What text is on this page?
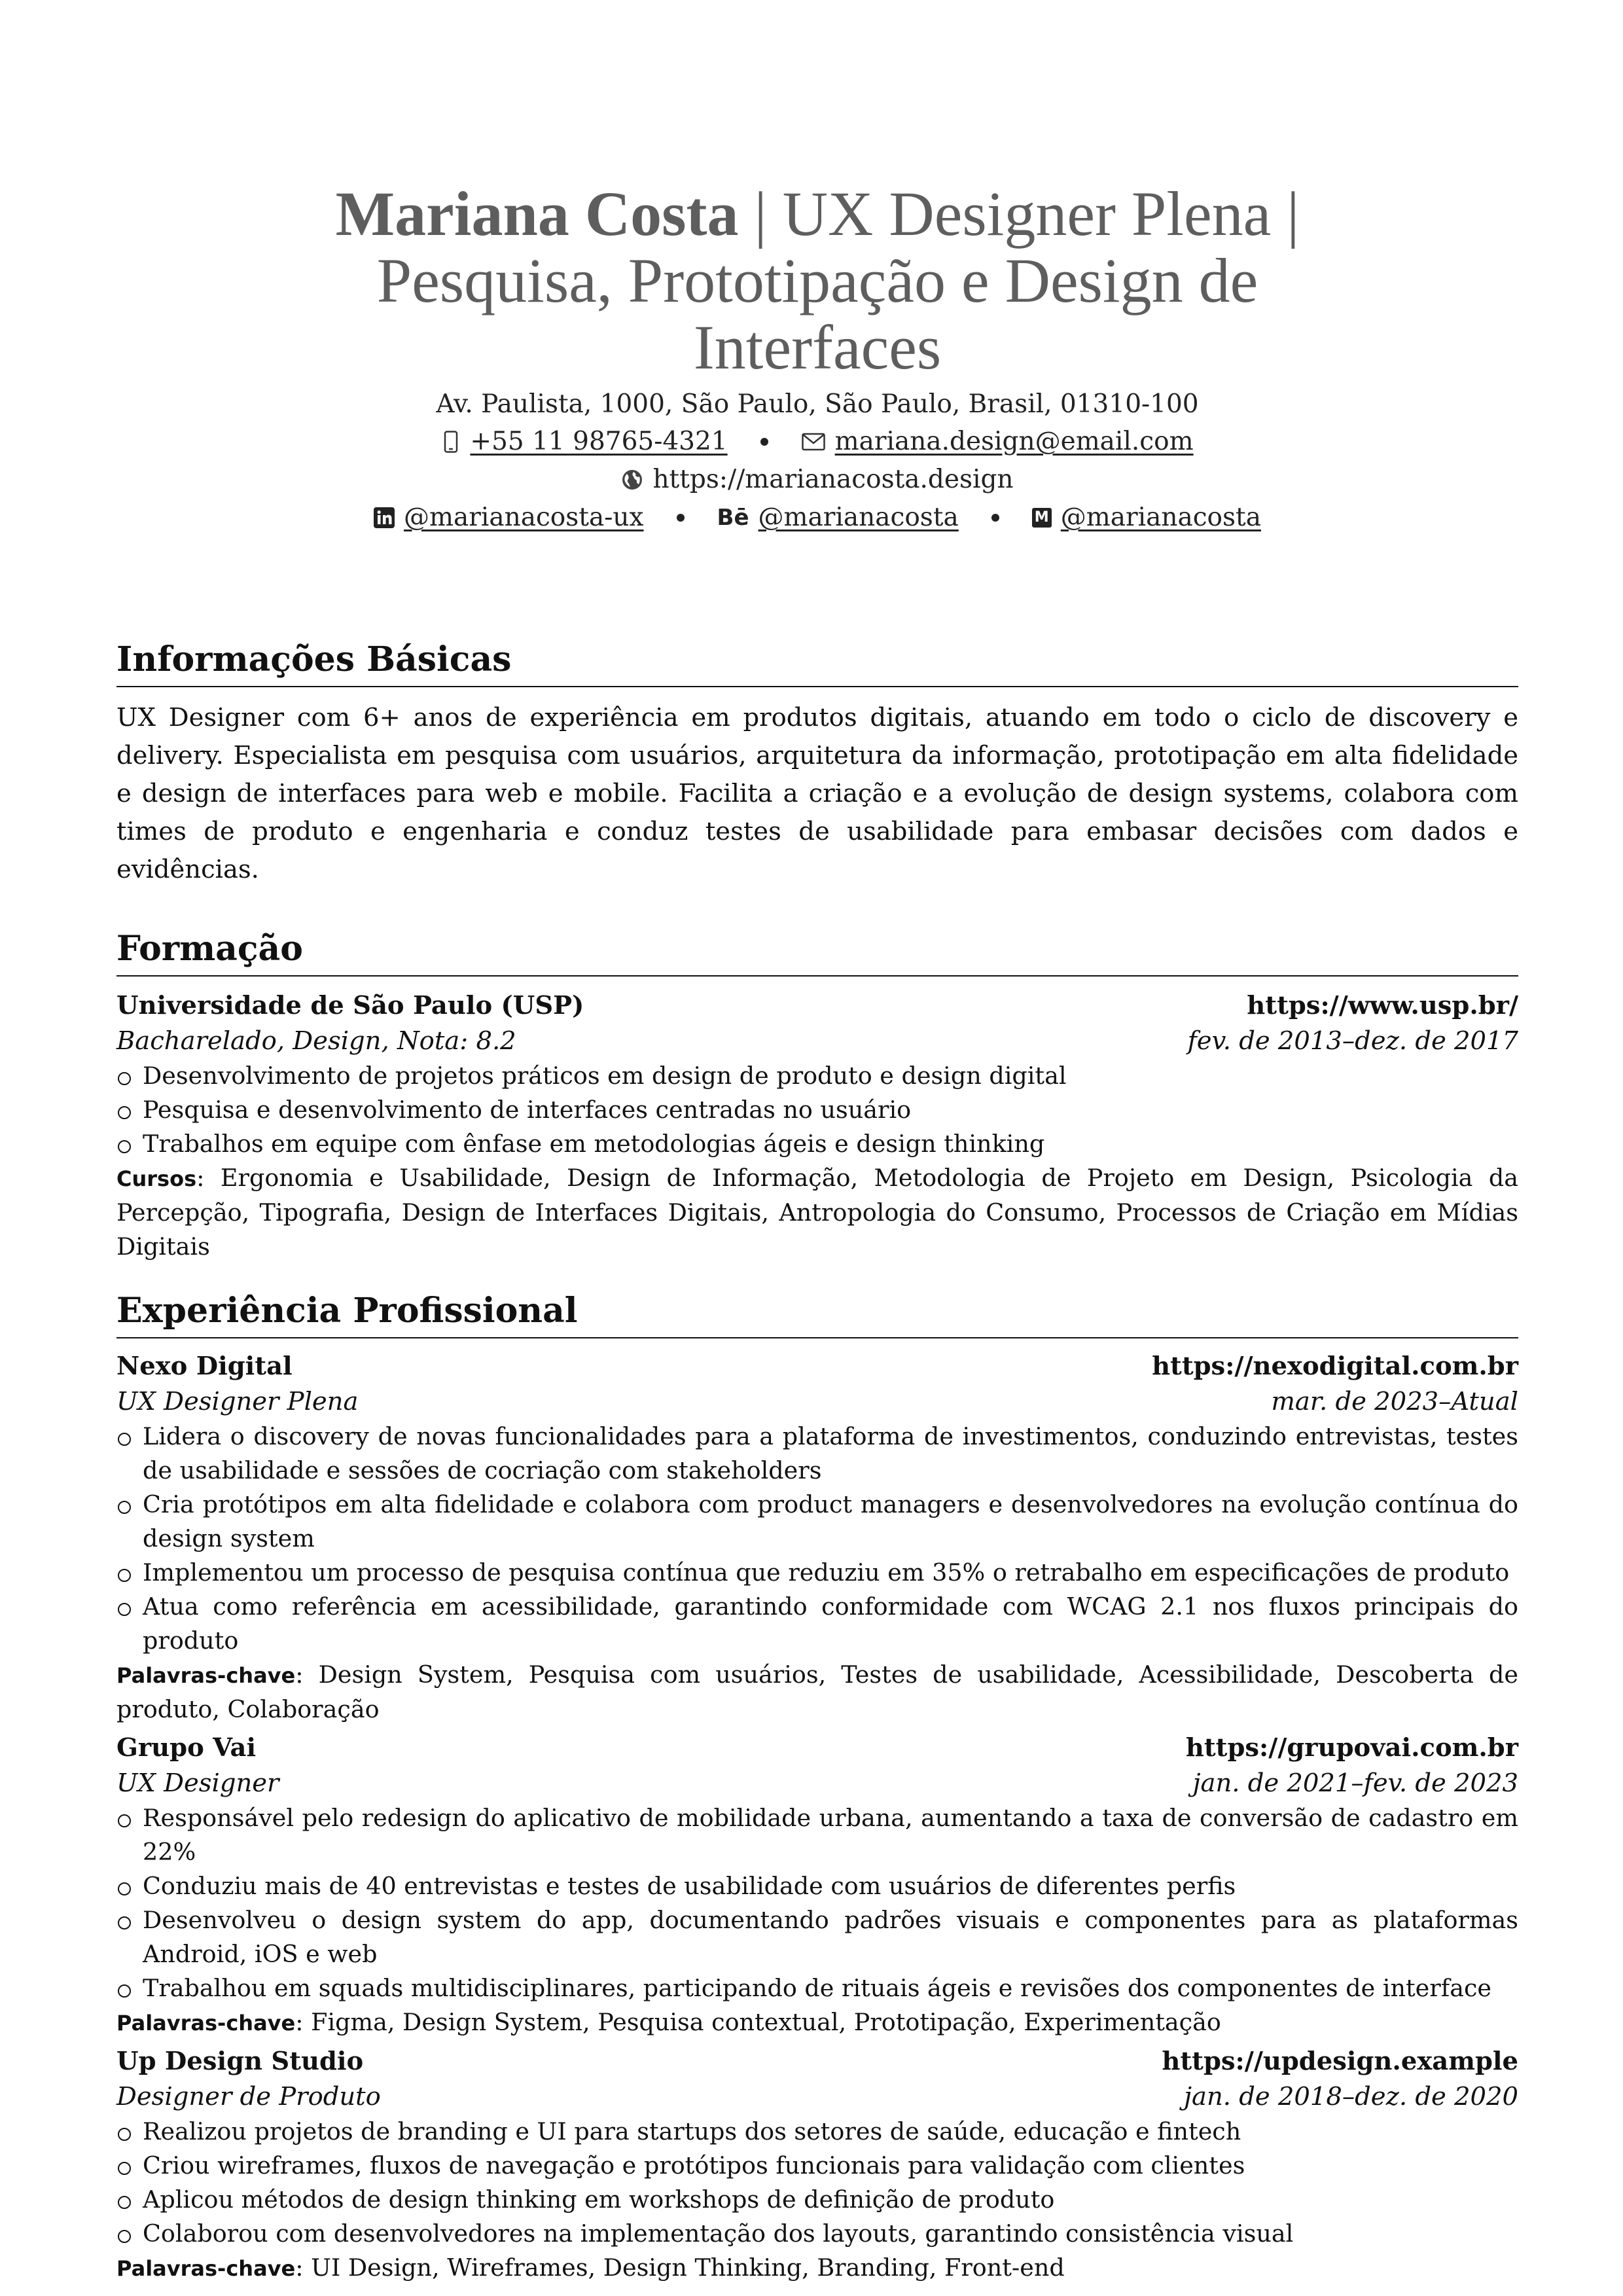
Mariana Costa | UX Designer Plena |
Pesquisa, Prototipação e Design de
Interfaces
Av. Paulista, 1000, São Paulo, São Paulo, Brasil, 01310-100
+55 11 98765-4321	mariana.design@email.com
https://marianacosta.design
@marianacosta-ux	Bē @marianacosta	M @marianacosta
Informações Básicas

UX Designer com 6+ anos de experiência em produtos digitais, atuando em todo o ciclo de discovery e delivery. Especialista em pesquisa com usuários, arquitetura da informação, prototipação em alta fidelidade e design de interfaces para web e mobile. Facilita a criação e a evolução de design systems, colabora com times de produto e engenharia e conduz testes de usabilidade para embasar decisões com dados e evidências.

Formação
Universidade de São Paulo (USP)	https://www.usp.br/
Bacharelado, Design, Nota: 8.2	fev. de 2013–dez. de 2017
Desenvolvimento de projetos práticos em design de produto e design digital
Pesquisa e desenvolvimento de interfaces centradas no usuário
Trabalhos em equipe com ênfase em metodologias ágeis e design thinking
Cursos: Ergonomia e Usabilidade, Design de Informação, Metodologia de Projeto em Design, Psicologia da Percepção, Tipografia, Design de Interfaces Digitais, Antropologia do Consumo, Processos de Criação em Mídias Digitais
Experiência Profissional
Nexo Digital	https://nexodigital.com.br
UX Designer Plena	mar. de 2023–Atual
Lidera o discovery de novas funcionalidades para a plataforma de investimentos, conduzindo entrevistas, testes de usabilidade e sessões de cocriação com stakeholders
Cria protótipos em alta fidelidade e colabora com product managers e desenvolvedores na evolução contínua do design system
Implementou um processo de pesquisa contínua que reduziu em 35% o retrabalho em especificações de produto
Atua como referência em acessibilidade, garantindo conformidade com WCAG 2.1 nos fluxos principais do produto
Palavras-chave: Design System, Pesquisa com usuários, Testes de usabilidade, Acessibilidade, Descoberta de produto, Colaboração
Grupo Vai	https://grupovai.com.br
UX Designer	jan. de 2021–fev. de 2023
Responsável pelo redesign do aplicativo de mobilidade urbana, aumentando a taxa de conversão de cadastro em 22%
Conduziu mais de 40 entrevistas e testes de usabilidade com usuários de diferentes perfis
Desenvolveu o design system do app, documentando padrões visuais e componentes para as plataformas Android, iOS e web
Trabalhou em squads multidisciplinares, participando de rituais ágeis e revisões dos componentes de interface
Palavras-chave: Figma, Design System, Pesquisa contextual, Prototipação, Experimentação
Up Design Studio	https://updesign.example
Designer de Produto	jan. de 2018–dez. de 2020
Realizou projetos de branding e UI para startups dos setores de saúde, educação e fintech
Criou wireframes, fluxos de navegação e protótipos funcionais para validação com clientes
Aplicou métodos de design thinking em workshops de definição de produto
Colaborou com desenvolvedores na implementação dos layouts, garantindo consistência visual
Palavras-chave: UI Design, Wireframes, Design Thinking, Branding, Front-end
